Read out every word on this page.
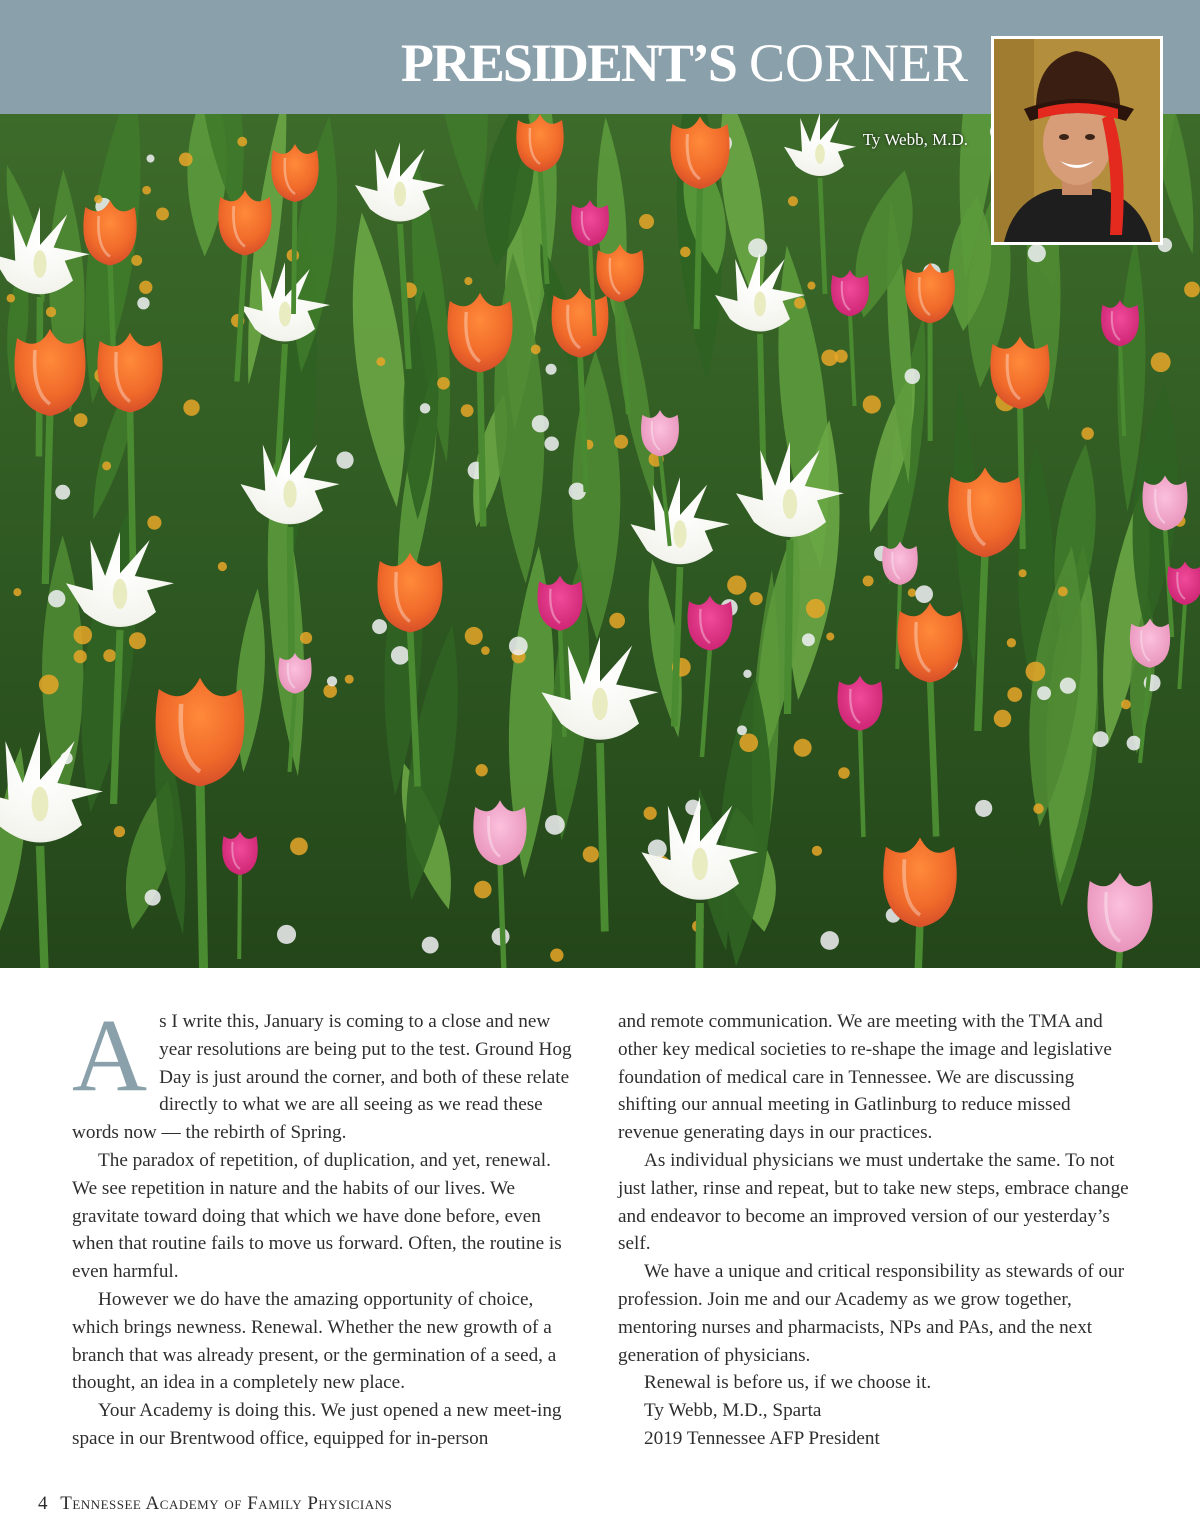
PRESIDENT’S CORNER
Ty Webb, M.D.

As I write this, January is coming to a close and new year resolutions are being put to the test. Ground Hog Day is just around the corner, and both of these relate directly to what we are all seeing as we read these words now — the rebirth of Spring.

The paradox of repetition, of duplication, and yet, renewal. We see repetition in nature and the habits of our lives. We gravitate toward doing that which we have done before, even when that routine fails to move us forward. Often, the routine is even harmful.

However we do have the amazing opportunity of choice, which brings newness. Renewal. Whether the new growth of a branch that was already present, or the germination of a seed, a thought, an idea in a completely new place.

Your Academy is doing this. We just opened a new meet-ing space in our Brentwood office, equipped for in-person

and remote communication. We are meeting with the TMA and other key medical societies to re-shape the image and legislative foundation of medical care in Tennessee. We are discussing shifting our annual meeting in Gatlinburg to reduce missed revenue generating days in our practices.

As individual physicians we must undertake the same. To not just lather, rinse and repeat, but to take new steps, embrace change and endeavor to become an improved version of our yesterday’s self.

We have a unique and critical responsibility as stewards of our profession. Join me and our Academy as we grow together, mentoring nurses and pharmacists, NPs and PAs, and the next generation of physicians.

Renewal is before us, if we choose it.

Ty Webb, M.D., Sparta

2019 Tennessee AFP President

4 Tennessee Academy of Family Physicians
